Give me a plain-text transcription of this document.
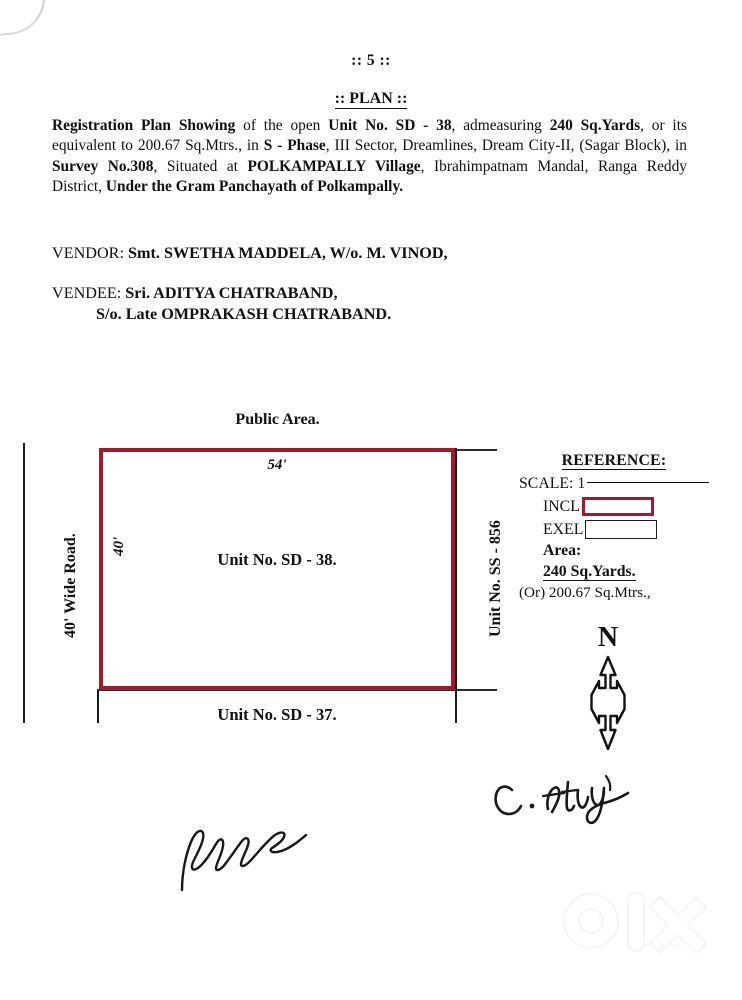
:: 5 ::
:: PLAN ::
Registration Plan Showing of the open Unit No. SD - 38, admeasuring 240 Sq.Yards, or its equivalent to 200.67 Sq.Mtrs., in S - Phase, III Sector, Dreamlines, Dream City-II, (Sagar Block), in Survey No.308, Situated at POLKAMPALLY Village, Ibrahimpatnam Mandal, Ranga Reddy District, Under the Gram Panchayath of Polkampally.
VENDOR: Smt. SWETHA MADDELA, W/o. M. VINOD,
VENDEE: Sri. ADITYA CHATRABAND,
S/o. Late OMPRAKASH CHATRABAND.
Public Area.
54'
40'
Unit No. SD - 38.
40' Wide Road.	Unit No. SS - 856
Unit No. SD - 37.
REFERENCE:
SCALE: 1
INCL
EXEL
Area:
240 Sq.Yards.
(Or) 200.67 Sq.Mtrs.,
N
I N D I A
